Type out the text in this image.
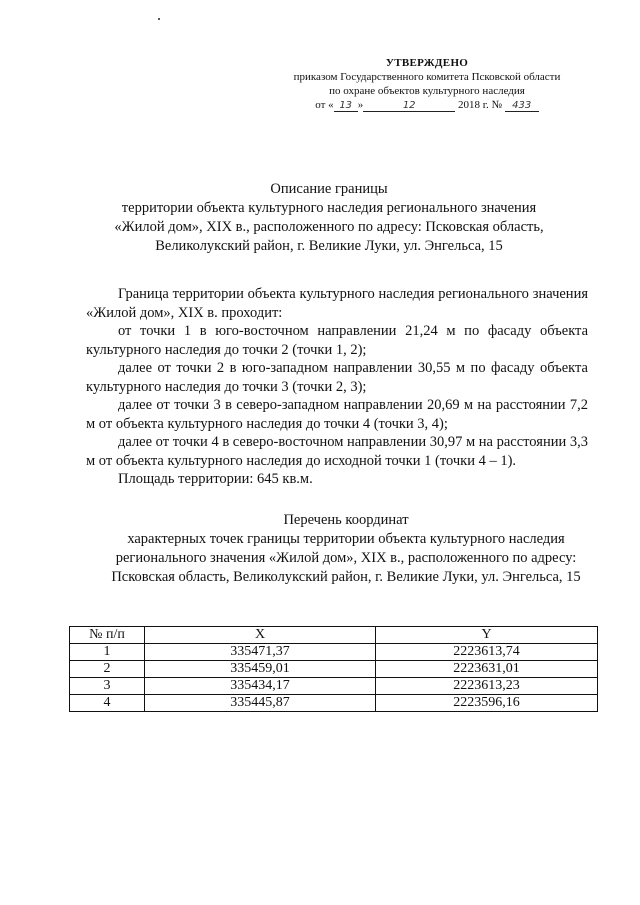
УТВЕРЖДЕНО
приказом Государственного комитета Псковской области
по охране объектов культурного наследия
от « 13 »	12	2018 г. № 433
Описание границы
территории объекта культурного наследия регионального значения
«Жилой дом», XIX в., расположенного по адресу: Псковская область,
Великолукский район, г. Великие Луки, ул. Энгельса, 15

Граница территории объекта культурного наследия регионального значения «Жилой дом», XIX в. проходит:

от точки 1 в юго-восточном направлении 21,24 м по фасаду объекта культурного наследия до точки 2 (точки 1, 2);

далее от точки 2 в юго-западном направлении 30,55 м по фасаду объекта культурного наследия до точки 3 (точки 2, 3);

далее от точки 3 в северо-западном направлении 20,69 м на расстоянии 7,2 м от объекта культурного наследия до точки 4 (точки 3, 4);

далее от точки 4 в северо-восточном направлении 30,97 м на расстоянии 3,3 м от объекта культурного наследия до исходной точки 1 (точки 4 – 1).

Площадь территории: 645 кв.м.

Перечень координат
характерных точек границы территории объекта культурного наследия
регионального значения «Жилой дом», XIX в., расположенного по адресу:
Псковская область, Великолукский район, г. Великие Луки, ул. Энгельса, 15
№ п/п	X	Y
1	335471,37	2223613,74
2	335459,01	2223631,01
3	335434,17	2223613,23
4	335445,87	2223596,16
